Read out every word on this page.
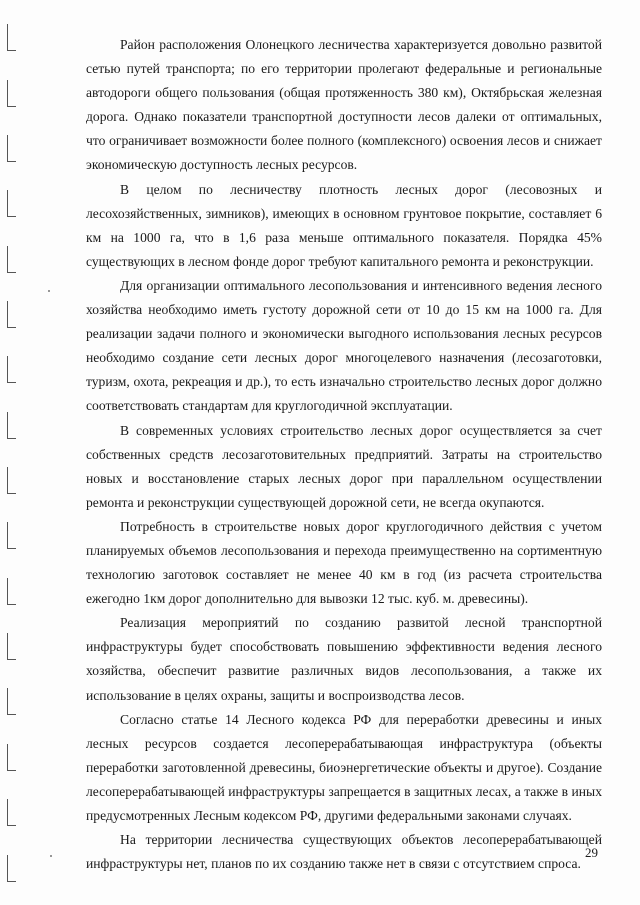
Район расположения Олонецкого лесничества характеризуется довольно развитой сетью путей транспорта; по его территории пролегают федеральные и региональные автодороги общего пользования (общая протяженность 380 км), Октябрьская железная дорога. Однако показатели транспортной доступности лесов далеки от оптимальных, что ограничивает возможности более полного (комплексного) освоения лесов и снижает экономическую доступность лесных ресурсов.

В целом по лесничеству плотность лесных дорог (лесовозных и лесохозяйственных, зимников), имеющих в основном грунтовое покрытие, составляет 6 км на 1000 га, что в 1,6 раза меньше оптимального показателя. Порядка 45% существующих в лесном фонде дорог требуют капитального ремонта и реконструкции.

Для организации оптимального лесопользования и интенсивного ведения лесного хозяйства необходимо иметь густоту дорожной сети от 10 до 15 км на 1000 га. Для реализации задачи полного и экономически выгодного использования лесных ресурсов необходимо создание сети лесных дорог многоцелевого назначения (лесозаготовки, туризм, охота, рекреация и др.), то есть изначально строительство лесных дорог должно соответствовать стандартам для круглогодичной эксплуатации.

В современных условиях строительство лесных дорог осуществляется за счет собственных средств лесозаготовительных предприятий. Затраты на строительство новых и восстановление старых лесных дорог при параллельном осуществлении ремонта и реконструкции существующей дорожной сети, не всегда окупаются.

Потребность в строительстве новых дорог круглогодичного действия с учетом планируемых объемов лесопользования и перехода преимущественно на сортиментную технологию заготовок составляет не менее 40 км в год (из расчета строительства ежегодно 1км дорог дополнительно для вывозки 12 тыс. куб. м. древесины).

Реализация мероприятий по созданию развитой лесной транспортной инфраструктуры будет способствовать повышению эффективности ведения лесного хозяйства, обеспечит развитие различных видов лесопользования, а также их использование в целях охраны, защиты и воспроизводства лесов.

Согласно статье 14 Лесного кодекса РФ для переработки древесины и иных лесных ресурсов создается лесоперерабатывающая инфраструктура (объекты переработки заготовленной древесины, биоэнергетические объекты и другое). Создание лесоперерабатывающей инфраструктуры запрещается в защитных лесах, а также в иных предусмотренных Лесным кодексом РФ, другими федеральными законами случаях.

На территории лесничества существующих объектов лесоперерабатывающей инфраструктуры нет, планов по их созданию также нет в связи с отсутствием спроса.

29
